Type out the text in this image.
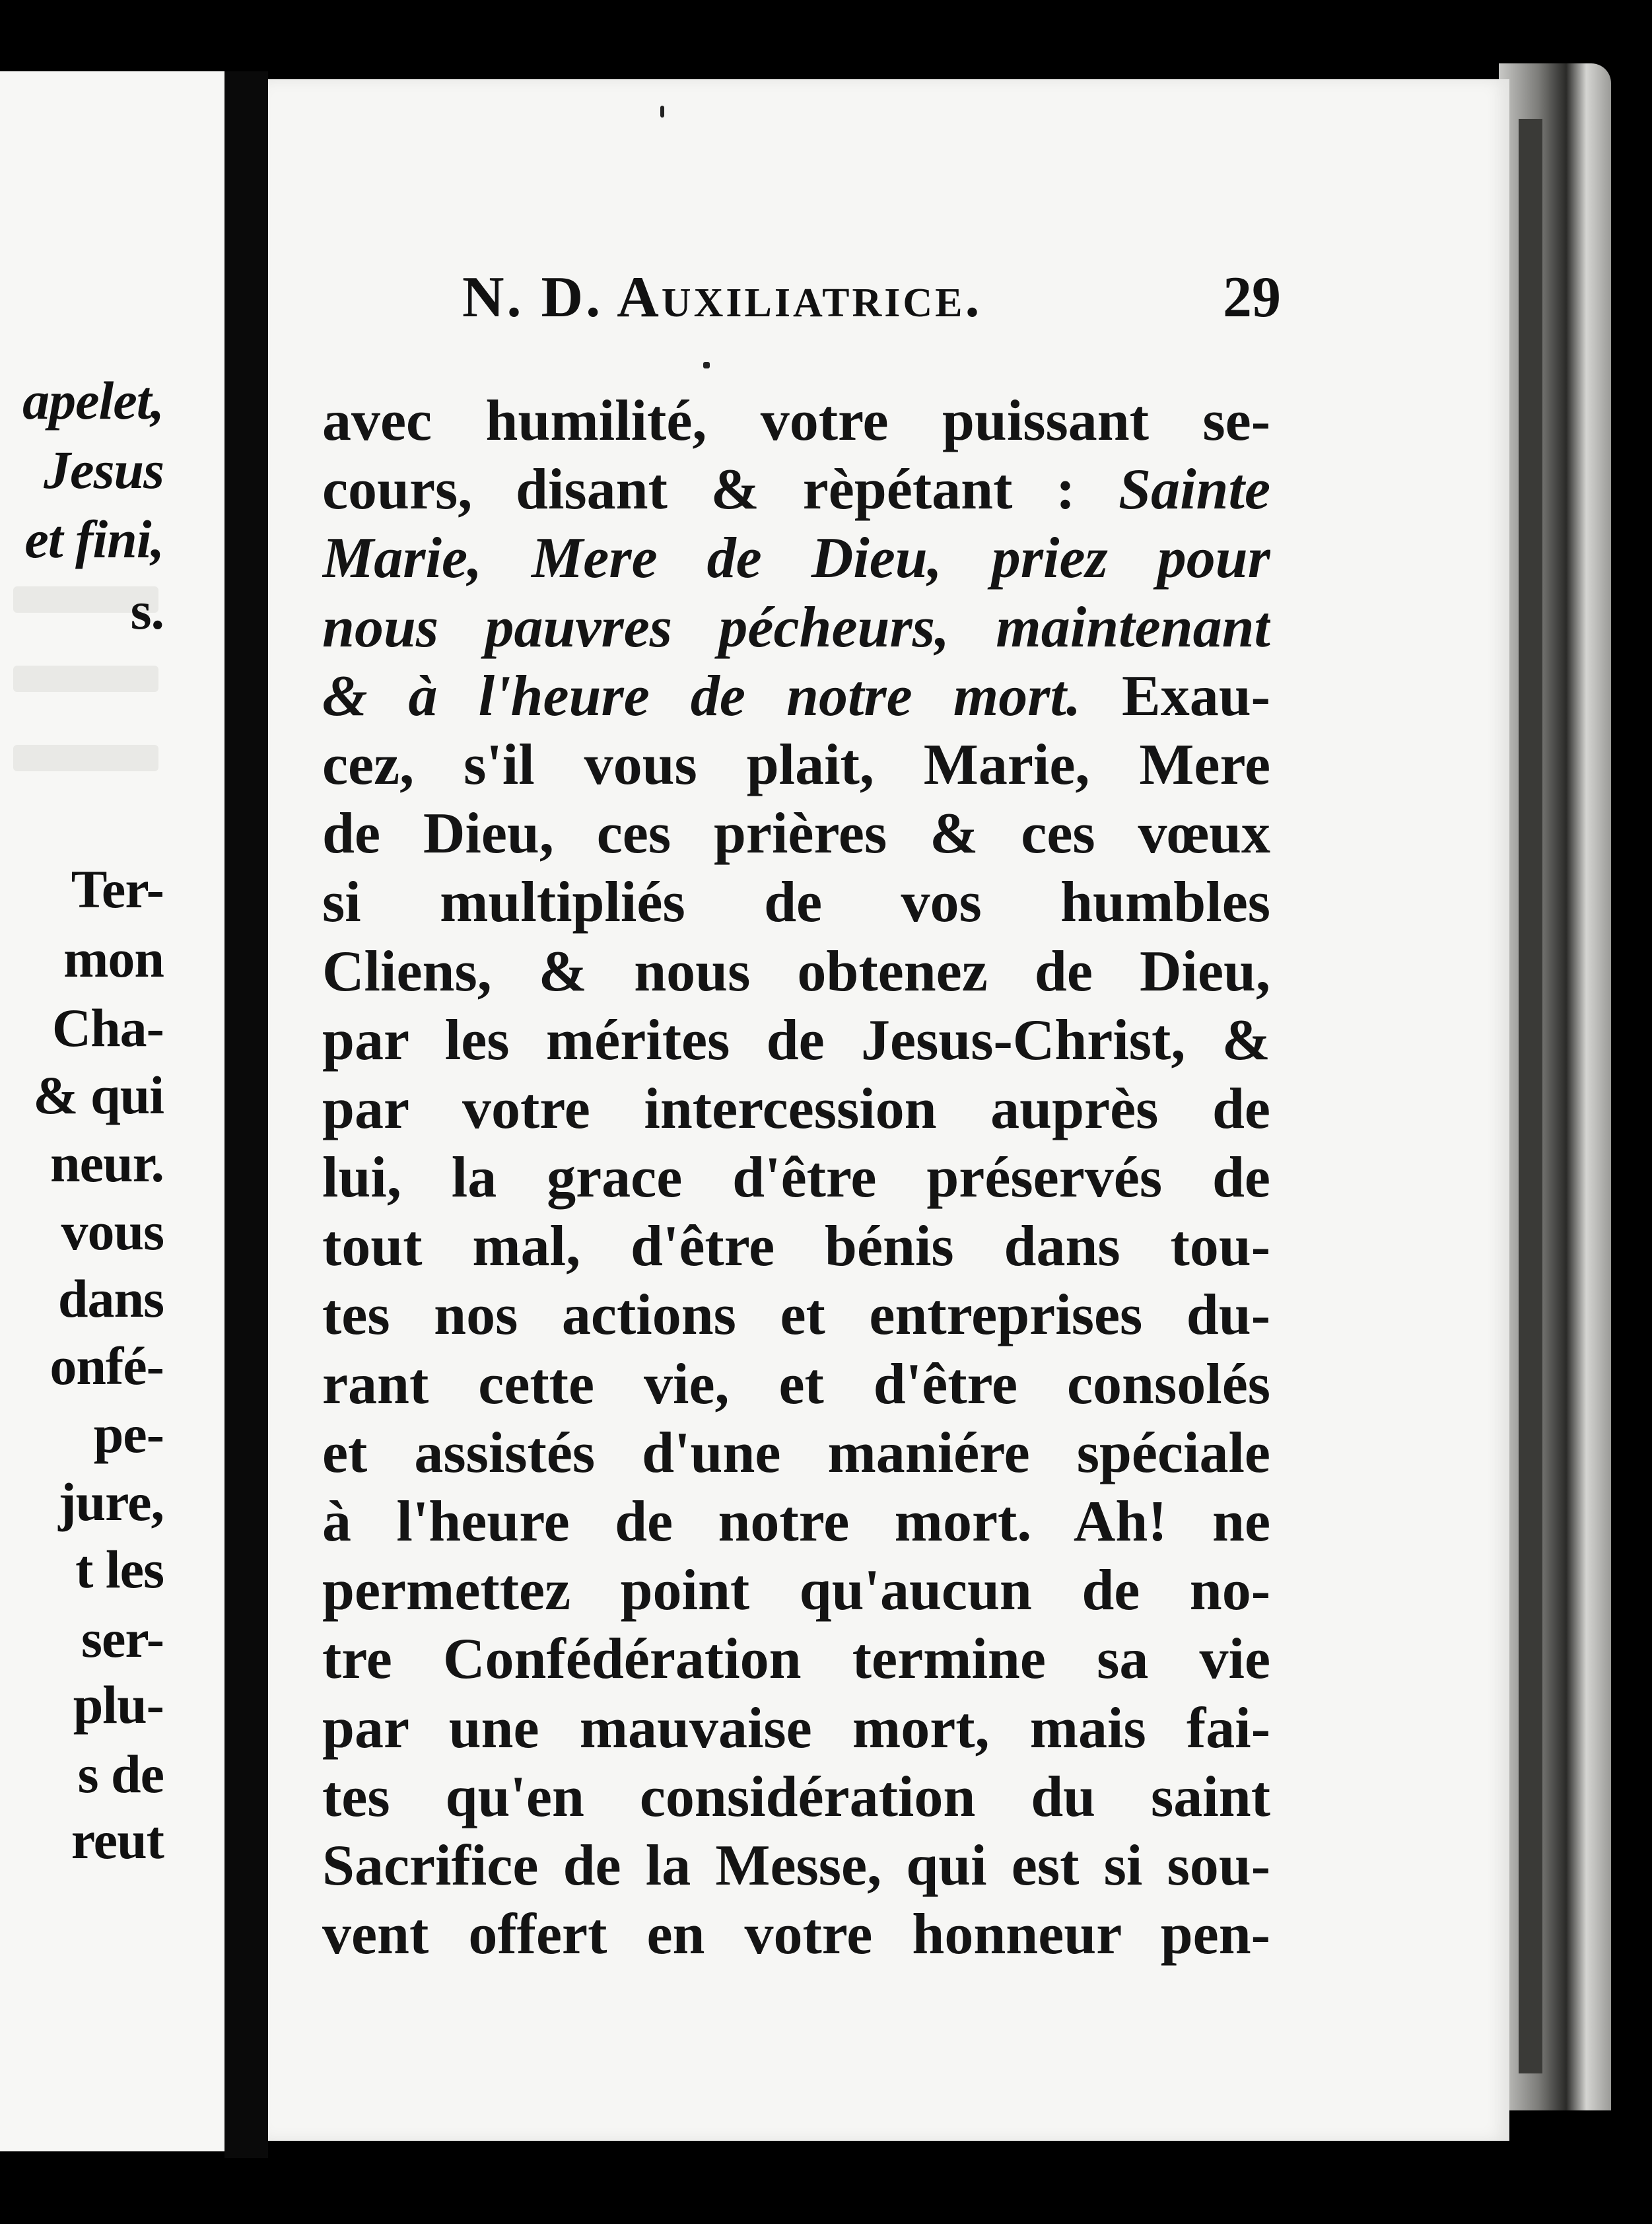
apelet,
Jesus
et fini,
s.
Ter-
mon
Cha-
& qui
neur.
vous
dans
onfé-
pe-
jure,
t les
ser-
plu-
s de
reut
N. D. Auxiliatrice.	29
avec humilité, votre puissant se-
cours, disant & rèpétant : Sainte
Marie, Mere de Dieu, priez pour
nous pauvres pécheurs, maintenant
& à l'heure de notre mort. Exau-
cez, s'il vous plait, Marie, Mere
de Dieu, ces prières & ces vœux
si multipliés de vos humbles
Cliens, & nous obtenez de Dieu,
par les mérites de Jesus-Christ, &
par votre intercession auprès de
lui, la grace d'être préservés de
tout mal, d'être bénis dans tou-
tes nos actions et entreprises du-
rant cette vie, et d'être consolés
et assistés d'une maniére spéciale
à l'heure de notre mort. Ah! ne
permettez point qu'aucun de no-
tre Confédération termine sa vie
par une mauvaise mort, mais fai-
tes qu'en considération du saint
Sacrifice de la Messe, qui est si sou-
vent offert en votre honneur pen-
